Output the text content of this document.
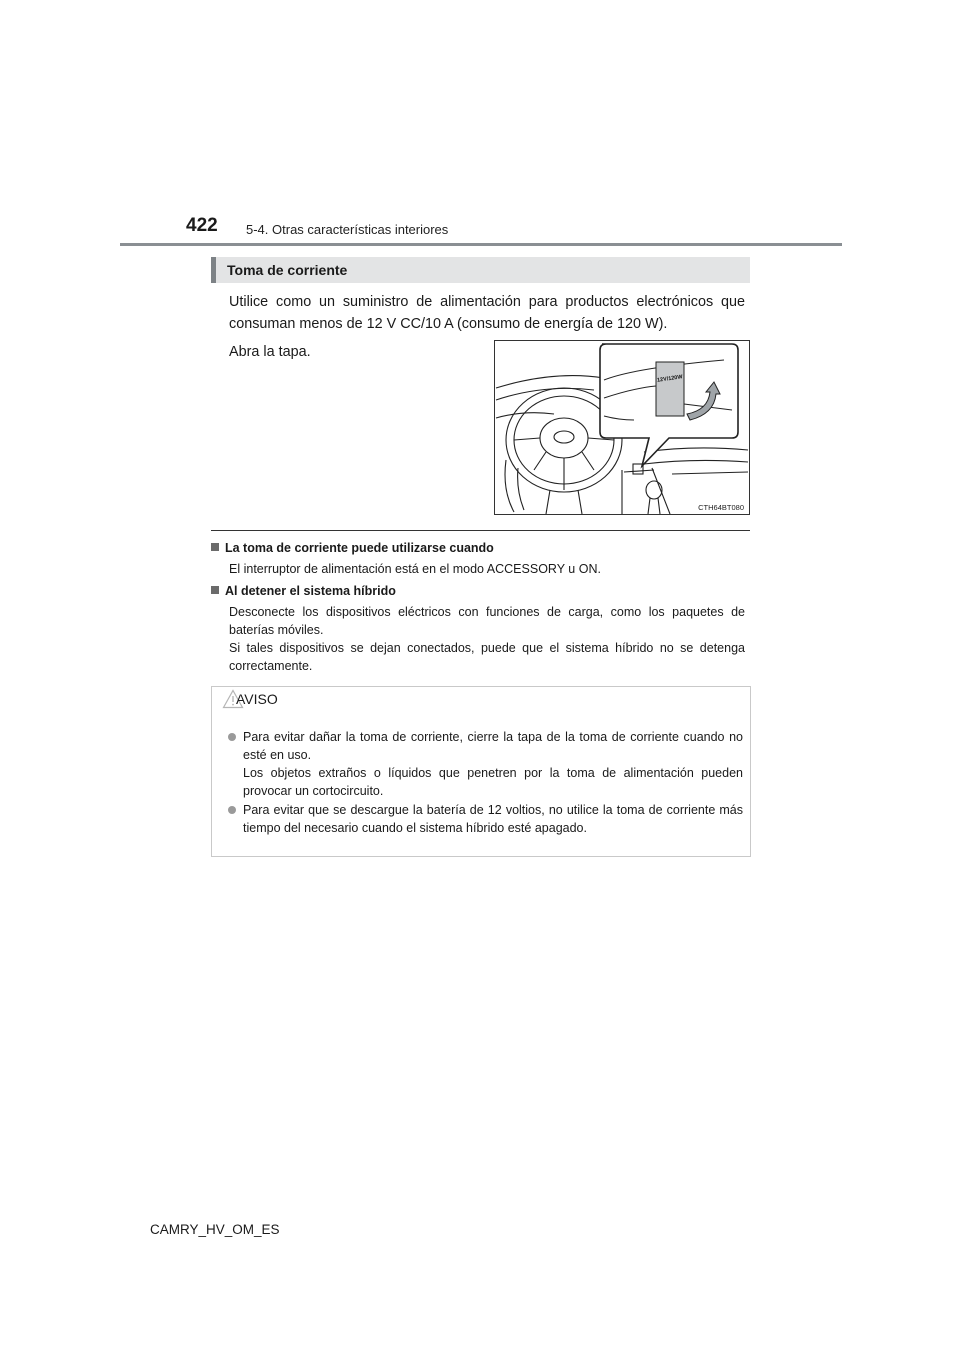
422 5-4. Otras características interiores
Toma de corriente
Utilice como un suministro de alimentación para productos electrónicos que consuman menos de 12 V CC/10 A (consumo de energía de 120 W).
Abra la tapa.
12V/120W
CTH64BT080
La toma de corriente puede utilizarse cuando

El interruptor de alimentación está en el modo ACCESSORY u ON.

Al detener el sistema híbrido

Desconecte los dispositivos eléctricos con funciones de carga, como los paquetes de baterías móviles.

Si tales dispositivos se dejan conectados, puede que el sistema híbrido no se detenga correctamente.

AVISO

Para evitar dañar la toma de corriente, cierre la tapa de la toma de corriente cuando no esté en uso.

Los objetos extraños o líquidos que penetren por la toma de alimentación pueden provocar un cortocircuito.

Para evitar que se descargue la batería de 12 voltios, no utilice la toma de corriente más tiempo del necesario cuando el sistema híbrido esté apagado.

CAMRY_HV_OM_ES
